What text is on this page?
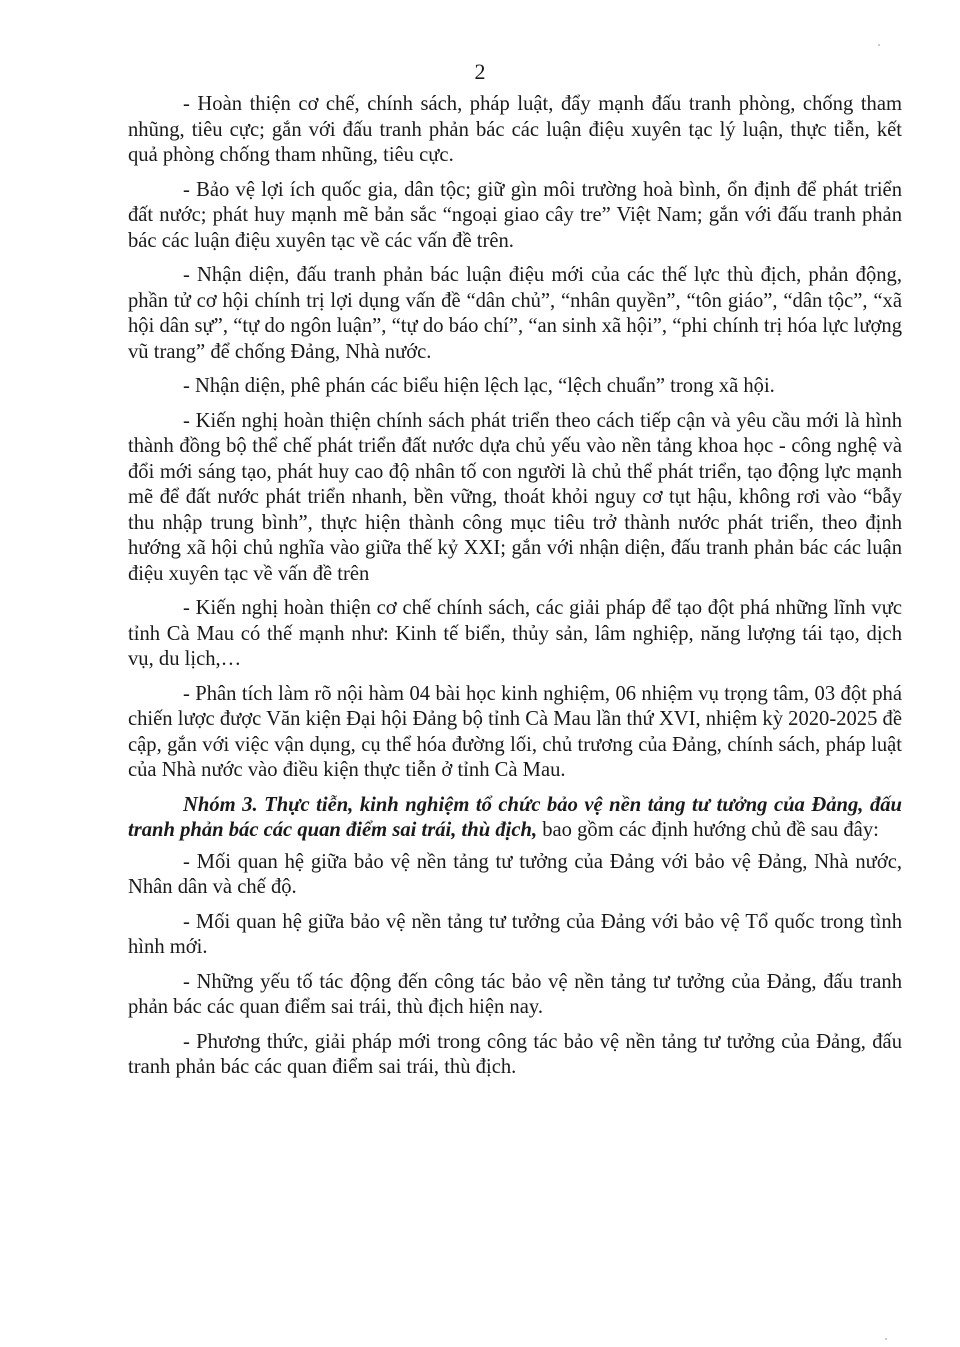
2

- Hoàn thiện cơ chế, chính sách, pháp luật, đẩy mạnh đấu tranh phòng, chống tham nhũng, tiêu cực; gắn với đấu tranh phản bác các luận điệu xuyên tạc lý luận, thực tiễn, kết quả phòng chống tham nhũng, tiêu cực.

- Bảo vệ lợi ích quốc gia, dân tộc; giữ gìn môi trường hoà bình, ổn định để phát triển đất nước; phát huy mạnh mẽ bản sắc “ngoại giao cây tre” Việt Nam; gắn với đấu tranh phản bác các luận điệu xuyên tạc về các vấn đề trên.

- Nhận diện, đấu tranh phản bác luận điệu mới của các thế lực thù địch, phản động, phần tử cơ hội chính trị lợi dụng vấn đề “dân chủ”, “nhân quyền”, “tôn giáo”, “dân tộc”, “xã hội dân sự”, “tự do ngôn luận”, “tự do báo chí”, “an sinh xã hội”, “phi chính trị hóa lực lượng vũ trang” để chống Đảng, Nhà nước.

- Nhận diện, phê phán các biểu hiện lệch lạc, “lệch chuẩn” trong xã hội.

- Kiến nghị hoàn thiện chính sách phát triển theo cách tiếp cận và yêu cầu mới là hình thành đồng bộ thể chế phát triển đất nước dựa chủ yếu vào nền tảng khoa học - công nghệ và đổi mới sáng tạo, phát huy cao độ nhân tố con người là chủ thể phát triển, tạo động lực mạnh mẽ để đất nước phát triển nhanh, bền vững, thoát khỏi nguy cơ tụt hậu, không rơi vào “bẫy thu nhập trung bình”, thực hiện thành công mục tiêu trở thành nước phát triển, theo định hướng xã hội chủ nghĩa vào giữa thế kỷ XXI; gắn với nhận diện, đấu tranh phản bác các luận điệu xuyên tạc về vấn đề trên

- Kiến nghị hoàn thiện cơ chế chính sách, các giải pháp để tạo đột phá những lĩnh vực tỉnh Cà Mau có thế mạnh như: Kinh tế biển, thủy sản, lâm nghiệp, năng lượng tái tạo, dịch vụ, du lịch,…

- Phân tích làm rõ nội hàm 04 bài học kinh nghiệm, 06 nhiệm vụ trọng tâm, 03 đột phá chiến lược được Văn kiện Đại hội Đảng bộ tỉnh Cà Mau lần thứ XVI, nhiệm kỳ 2020-2025 đề cập, gắn với việc vận dụng, cụ thể hóa đường lối, chủ trương của Đảng, chính sách, pháp luật của Nhà nước vào điều kiện thực tiễn ở tỉnh Cà Mau.

Nhóm 3. Thực tiễn, kinh nghiệm tổ chức bảo vệ nền tảng tư tưởng của Đảng, đấu tranh phản bác các quan điểm sai trái, thù địch, bao gồm các định hướng chủ đề sau đây:

- Mối quan hệ giữa bảo vệ nền tảng tư tưởng của Đảng với bảo vệ Đảng, Nhà nước, Nhân dân và chế độ.

- Mối quan hệ giữa bảo vệ nền tảng tư tưởng của Đảng với bảo vệ Tổ quốc trong tình hình mới.

- Những yếu tố tác động đến công tác bảo vệ nền tảng tư tưởng của Đảng, đấu tranh phản bác các quan điểm sai trái, thù địch hiện nay.

- Phương thức, giải pháp mới trong công tác bảo vệ nền tảng tư tưởng của Đảng, đấu tranh phản bác các quan điểm sai trái, thù địch.
